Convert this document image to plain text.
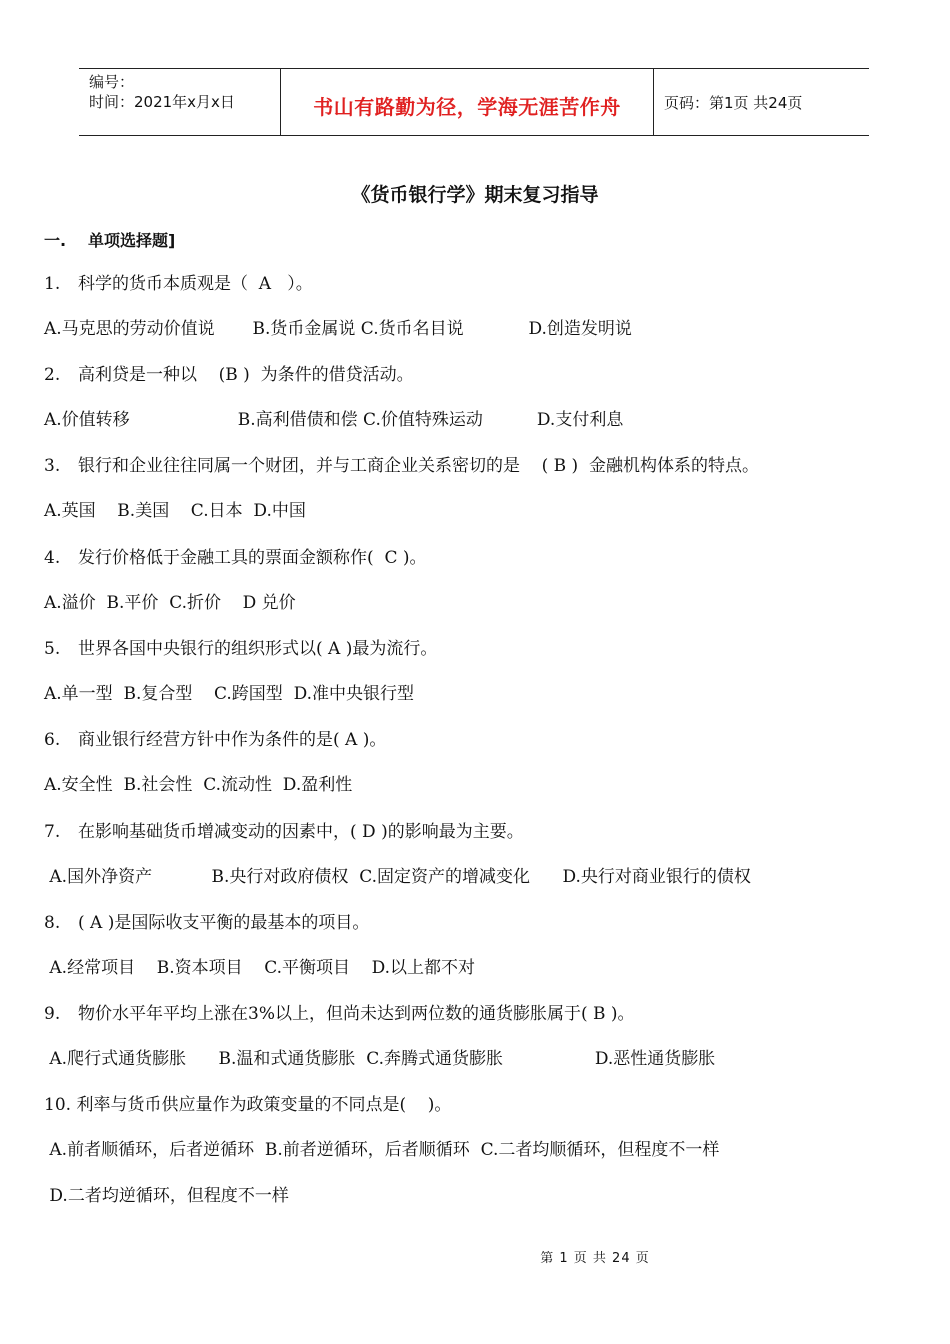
编号：
时间：2021年x月x日	书山有路勤为径，学海无涯苦作舟	页码：第1页 共24页
《货币银行学》期末复习指导
一. 单项选择题]
1. 科学的货币本质观是（  A   ）。
A.马克思的劳动价值说       B.货币金属说 C.货币名目说            D.创造发明说
2. 高利贷是一种以    (B )  为条件的借贷活动。
A.价值转移                    B.高利借债和偿 C.价值特殊运动          D.支付利息
3. 银行和企业往往同属一个财团，并与工商企业关系密切的是    ( B )  金融机构体系的特点。
A.英国    B.美国    C.日本  D.中国
4. 发行价格低于金融工具的票面金额称作(  C )。
A.溢价  B.平价  C.折价    D 兑价
5. 世界各国中央银行的组织形式以( A )最为流行。
A.单一型  B.复合型    C.跨国型  D.准中央银行型
6. 商业银行经营方针中作为条件的是( A )。
A.安全性  B.社会性  C.流动性  D.盈利性
7. 在影响基础货币增减变动的因素中，( D )的影响最为主要。
A.国外净资产           B.央行对政府债权  C.固定资产的增减变化      D.央行对商业银行的债权
8. ( A )是国际收支平衡的最基本的项目。
A.经常项目    B.资本项目    C.平衡项目    D.以上都不对
9. 物价水平年平均上涨在3%以上，但尚未达到两位数的通货膨胀属于( B )。
A.爬行式通货膨胀      B.温和式通货膨胀  C.奔腾式通货膨胀                 D.恶性通货膨胀
10. 利率与货币供应量作为政策变量的不同点是(    )。
A.前者顺循环，后者逆循环  B.前者逆循环，后者顺循环  C.二者均顺循环，但程度不一样
D.二者均逆循环，但程度不一样
第 1 页 共 24 页
